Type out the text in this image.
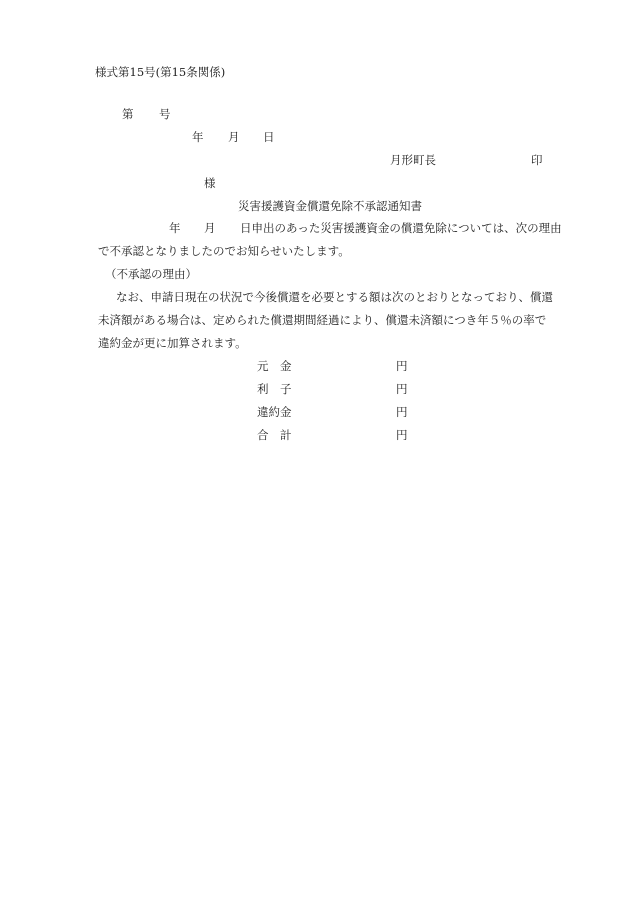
様式第15号(第15条関係)
第 号
年 月 日
月形町長	印
様
災害援護資金償還免除不承認通知書
年 月 日申出のあった災害援護資金の償還免除については、次の理由
で不承認となりましたのでお知らせいたします。
（不承認の理由）
なお、申請日現在の状況で今後償還を必要とする額は次のとおりとなっており、償還
未済額がある場合は、定められた償還期間経過により、償還未済額につき年５％の率で
違約金が更に加算されます。
元　金	円
利　子	円
違約金	円
合　計	円
